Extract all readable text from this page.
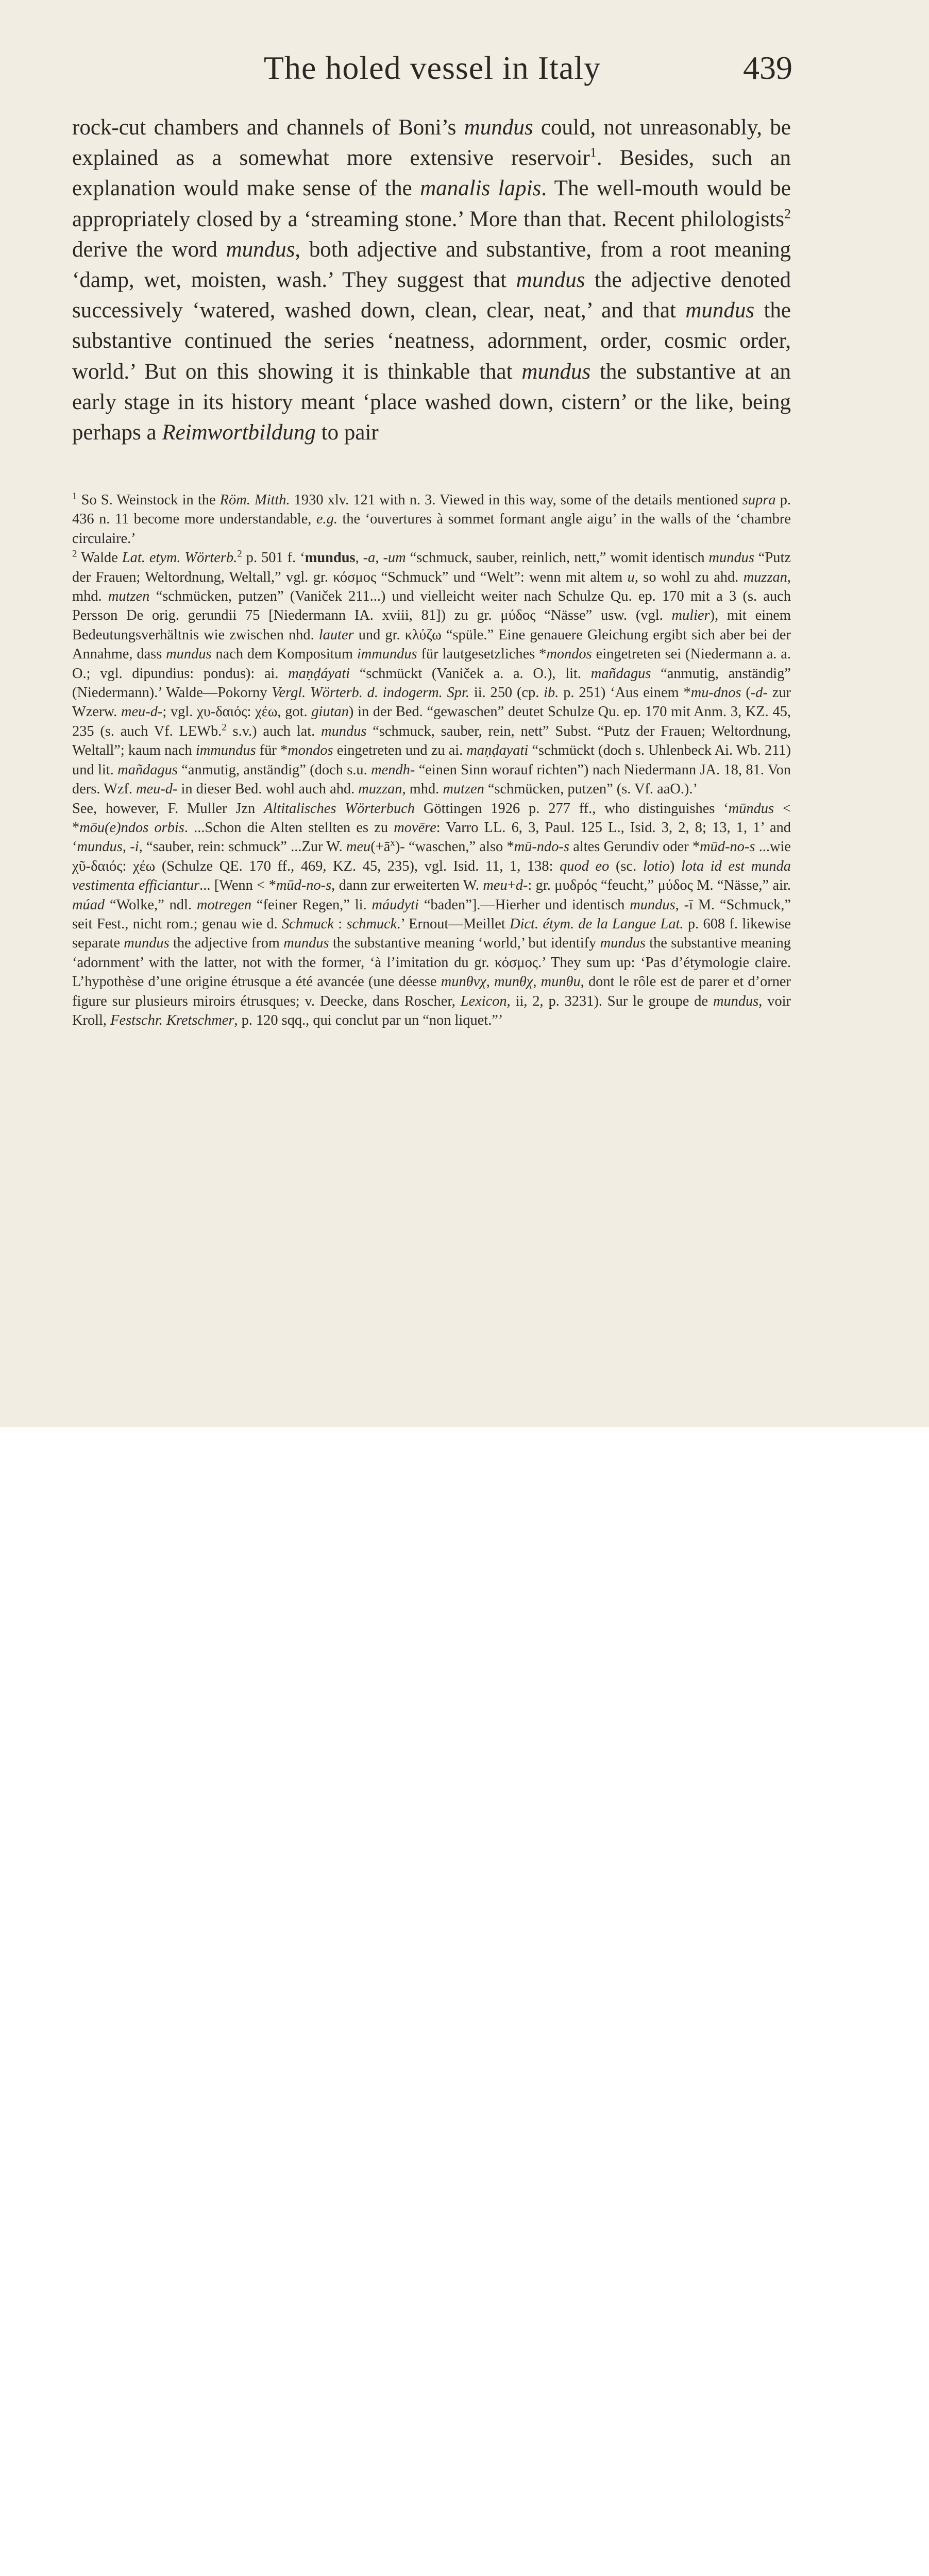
The holed vessel in Italy	439

rock-cut chambers and channels of Boni’s mundus could, not unreasonably, be explained as a somewhat more extensive reservoir$^1$. Besides, such an explanation would make sense of the manalis lapis. The well-mouth would be appropriately closed by a ‘streaming stone.’ More than that. Recent philologists$^2$ derive the word mundus, both adjective and substantive, from a root meaning ‘damp, wet, moisten, wash.’ They suggest that mundus the adjective denoted successively ‘watered, washed down, clean, clear, neat,’ and that mundus the substantive continued the series ‘neatness, adornment, order, cosmic order, world.’ But on this showing it is thinkable that mundus the substantive at an early stage in its history meant ‘place washed down, cistern’ or the like, being perhaps a Reimwortbildung to pair

$^1$ So S. Weinstock in the Röm. Mitth. 1930 xlv. 121 with n. 3. Viewed in this way, some of the details mentioned supra p. 436 n. 11 become more understandable, e.g. the ‘ouvertures à sommet formant angle aigu’ in the walls of the ‘chambre circulaire.’

$^2$ Walde Lat. etym. Wörterb.$^2$ p. 501 f. ‘mundus, -a, -um “schmuck, sauber, reinlich, nett,” womit identisch mundus “Putz der Frauen; Weltordnung, Weltall,” vgl. gr. κόσμος “Schmuck” und “Welt”: wenn mit altem u, so wohl zu ahd. muzzan, mhd. mutzen “schmücken, putzen” (Vaniček 211...) und vielleicht weiter nach Schulze Qu. ep. 170 mit a 3 (s. auch Persson De orig. gerundii 75 [Niedermann IA. xviii, 81]) zu gr. μύδος “Nässe” usw. (vgl. mulier), mit einem Bedeutungsverhältnis wie zwischen nhd. lauter und gr. κλύζω “spüle.” Eine genauere Gleichung ergibt sich aber bei der Annahme, dass mundus nach dem Kompositum immundus für lautgesetzliches *mondos eingetreten sei (Niedermann a. a. O.; vgl. dipundius: pondus): ai. maṇḍáyati “schmückt (Vaniček a. a. O.), lit. mañdagus “anmutig, anständig” (Niedermann).’ Walde—Pokorny Vergl. Wörterb. d. indogerm. Spr. ii. 250 (cp. ib. p. 251) ‘Aus einem *mu-dnos (-d- zur Wzerw. meu-d-; vgl. χυ-δαιός: χέω, got. giutan) in der Bed. “gewaschen” deutet Schulze Qu. ep. 170 mit Anm. 3, KZ. 45, 235 (s. auch Vf. LEWb.$^2$ s.v.) auch lat. mundus “schmuck, sauber, rein, nett” Subst. “Putz der Frauen; Weltordnung, Weltall”; kaum nach immundus für *mondos eingetreten und zu ai. maṇḍayati “schmückt (doch s. Uhlenbeck Ai. Wb. 211) und lit. mañdagus “anmutig, anständig” (doch s.u. mendh- “einen Sinn worauf richten”) nach Niedermann JA. 18, 81. Von ders. Wzf. meu-d- in dieser Bed. wohl auch ahd. muzzan, mhd. mutzen “schmücken, putzen” (s. Vf. aaO.).’

See, however, F. Muller Jzn Altitalisches Wörterbuch Göttingen 1926 p. 277 ff., who distinguishes ‘mūndus < *mōu(e)ndos orbis. ...Schon die Alten stellten es zu movēre: Varro LL. 6, 3, Paul. 125 L., Isid. 3, 2, 8; 13, 1, 1’ and ‘mundus, -i, “sauber, rein: schmuck” ...Zur W. $meu(+ā^x)-$ “waschen,” also *mū-ndo-s altes Gerundiv oder *mūd-no-s ...wie χῦ-δαιός: χέω (Schulze QE. 170 ff., 469, KZ. 45, 235), vgl. Isid. 11, 1, 138: quod eo (sc. lotio) lota id est munda vestimenta efficiantur... [Wenn < *mūd-no-s, dann zur erweiterten W. meu+d-: gr. μυδρός “feucht,” μύδος M. “Nässe,” air. múad “Wolke,” ndl. motregen “feiner Regen,” li. máudyti “baden”].—Hierher und identisch mundus, -ī M. “Schmuck,” seit Fest., nicht rom.; genau wie d. Schmuck : schmuck.’ Ernout—Meillet Dict. étym. de la Langue Lat. p. 608 f. likewise separate mundus the adjective from mundus the substantive meaning ‘world,’ but identify mundus the substantive meaning ‘adornment’ with the latter, not with the former, ‘à l’imitation du gr. κόσμος.’ They sum up: ‘Pas d’étymologie claire. L’hypothèse d’une origine étrusque a été avancée (une déesse munθvχ, munθχ, munθu, dont le rôle est de parer et d’orner figure sur plusieurs miroirs étrusques; v. Deecke, dans Roscher, Lexicon, ii, 2, p. 3231). Sur le groupe de mundus, voir Kroll, Festschr. Kretschmer, p. 120 sqq., qui conclut par un “non liquet.”’
